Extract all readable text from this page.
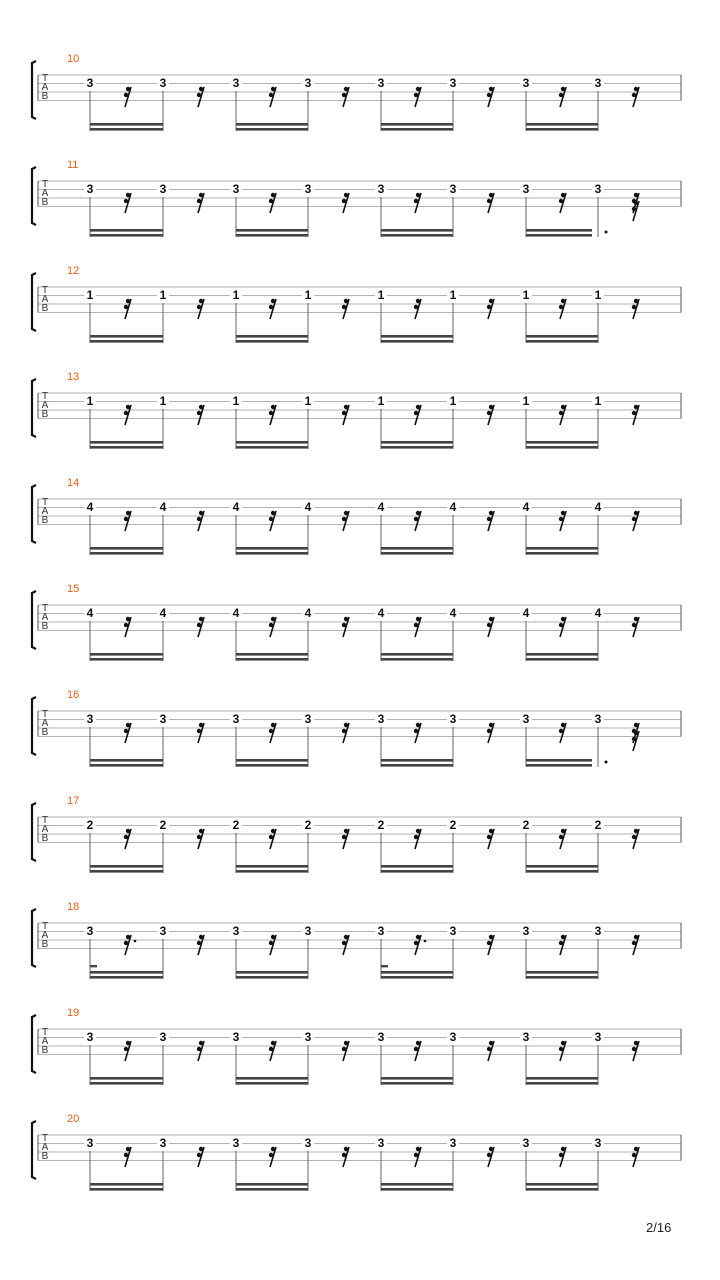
T
A
B
10
3	3	3	3	3	3	3	3
T
A
B
11
3	3	3	3	3	3	3	3
T
A
B
12
1	1	1	1	1	1	1	1
T
A
B
13
1	1	1	1	1	1	1	1
T
A
B
14
4	4	4	4	4	4	4	4
T
A
B
15
4	4	4	4	4	4	4	4
T
A
B
16
3	3	3	3	3	3	3	3
T
A
B
17
2	2	2	2	2	2	2	2
T
A
B
18
3	3	3	3	3	3	3	3
T
A
B
19
3	3	3	3	3	3	3	3
T
A
B
20
3	3	3	3	3	3	3	3
2/16
